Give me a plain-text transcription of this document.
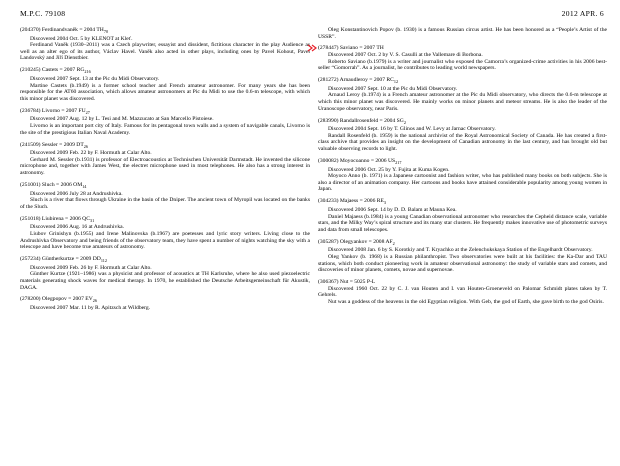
M.P.C. 79108	2012 APR. 6

(204370) Ferdinandvaněk = 2004 $TH_{70}$

Discovered 2004 Oct. 5 by KLENOT at Kleť.

Ferdinand Vaněk (1930–2011) was a Czech playwriter, essayist and dissident, fictitious character in the play Audience as well as an alter ego of its author, Václav Havel. Vaněk also acted in other plays, including ones by Pavel Kohout, Pavel Landovský and Jiří Dienstbier.

(210245) Castets = 2007 $RG_{216}$

Discovered 2007 Sept. 13 at the Pic du Midi Observatory.

Martine Castets (b.1949) is a former school teacher and French amateur astronomer. For many years she has been responsible for the AT60 association, which allows amateur astronomers at Pic du Midi to use the 0.6-m telescope, with which this minor planet was discovered.

(236784) Livorno = 2007 $FU_{27}$

Discovered 2007 Aug. 12 by L. Tesi and M. Mazzucato at San Marcello Pistoiese.

Livorno is an important port city of Italy. Famous for its pentagonal town walls and a system of navigable canals, Livorno is the site of the prestigious Italian Naval Academy.

(241509) Sessler = 2009 $DT_{26}$

Discovered 2009 Feb. 22 by F. Hormuth at Calar Alto.

Gerhard M. Sessler (b.1931) is professor of Electroacoustics at Technischen Universität Darmstadt. He invented the silicone microphone and, together with James West, the electret microphone used in most telephones. He also has a strong interest in astronomy.

(251001) Sluch = 2006 $OM_{14}$

Discovered 2006 July 28 at Andrushivka.

Sluch is a river that flows through Ukraine in the basin of the Dniper. The ancient town of Myropil was located on the banks of the Sluch.

(251018) Liubirena = 2006 $QC_{31}$

Discovered 2006 Aug. 16 at Andrushivka.

Liubov Grinishyn (b.1955) and Irene Malinovska (b.1967) are poetesses and lyric story writers. Living close to the Andrushivka Observatory and being friends of the observatory team, they have spent a number of nights watching the sky with a telescope and have become true amateurs of astronomy.

(257234) Güntherkurtze = 2009 $DD_{112}$

Discovered 2009 Feb. 26 by F. Hormuth at Calar Alto.

Günther Kurtze (1921–1986) was a physicist and professor of acoustics at TH Karlsruhe, where he also used piezoelectric materials generating shock waves for medical therapy. In 1970, he established the Deutsche Arbeitsgemeinschaft für Akustik, DAGA.

(278200) Olegpopov = 2007 $EV_{26}$

Discovered 2007 Mar. 11 by R. Apitzsch at Wildberg.

Oleg Konstantinovich Popov (b. 1930) is a famous Russian circus artist. He has been honored as a “People’s Artist of the USSR”.

(278447) Saviano = 2007 TH

Discovered 2007 Oct. 2 by V. S. Casulli at the Vallemare di Borbona.

Roberto Saviano (b.1979) is a writer and journalist who exposed the Camorra’s organized-crime activities in his 2006 best-seller “Gomorrah”. As a journalist, he contributes to leading world newspapers.

(281272) Arnaudleroy = 2007 $RC_{12}$

Discovered 2007 Sept. 10 at the Pic du Midi Observatory.

Arnaud Leroy (b.1974) is a French amateur astronomer at the Pic du Midi observatory, who directs the 0.6-m telescope at which this minor planet was discovered. He mainly works on minor planets and meteor streams. He is also the leader of the Uranoscope observatory, near Paris.

(283990) Randallrosenfeld = 2004 $SG_2$

Discovered 2004 Sept. 16 by T. Glinos and W. Levy at Jarnac Observatory.

Randall Rosenfeld (b. 1959) is the national archivist of the Royal Astronomical Society of Canada. He has created a first-class archive that provides an insight on the development of Canadian astronomy in the last century, and has brought old but valuable observing records to light.

(300082) Moyocoanno = 2006 $US_{217}$

Discovered 2006 Oct. 25 by Y. Fujita at Kuma Kogen.

Moyoco Anno (b. 1971) is a Japanese cartoonist and fashion writer, who has published many books on both subjects. She is also a director of an animation company. Her cartoons and books have attained considerable popularity among young women in Japan.

(304233) Majaess = 2006 $RE_3$

Discovered 2006 Sept. 14 by D. D. Balam at Mauna Kea.

Daniel Majaess (b.1984) is a young Canadian observational astronomer who researches the Cepheid distance scale, variable stars, and the Milky Way’s spiral structure and its many star clusters. He frequently makes innovative use of photometric surveys and data from small telescopes.

(305287) Olegyankov = 2008 $AF_2$

Discovered 2008 Jan. 6 by S. Korotkiy and T. Kryachko at the Zelenchukskaya Station of the Engelhardt Observatory.

Oleg Yankov (b. 1968) is a Russian philanthropist. Two observatories were built at his facilities: the Ka-Dar and TAU stations, which both conduct pioneering work in amateur observational astronomy: the study of variable stars and comets, and discoveries of minor planets, comets, novae and supernovae.

(306367) Nut = 5025 P-L

Discovered 1960 Oct. 22 by C. J. van Houten and I. van Houten-Groeneveld on Palomar Schmidt plates taken by T. Gehrels.

Nut was a goddess of the heavens in the old Egyptian religion. With Geb, the god of Earth, she gave birth to the god Osiris.
